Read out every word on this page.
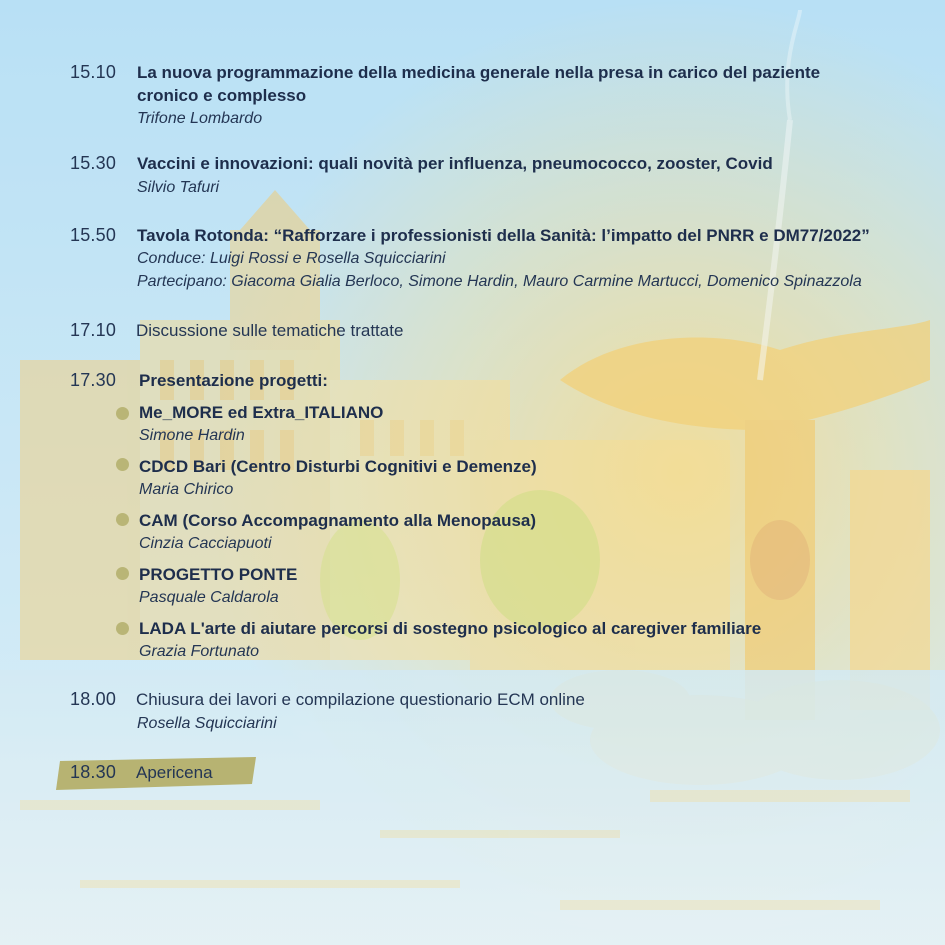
15.10 La nuova programmazione della medicina generale nella presa in carico del paziente
cronico e complesso
Trifone Lombardo
15.30 Vaccini e innovazioni: quali novità per influenza, pneumococco, zooster, Covid
Silvio Tafuri
15.50 Tavola Rotonda: “Rafforzare i professionisti della Sanità: l’impatto del PNRR e DM77/2022”
Conduce: Luigi Rossi e Rosella Squicciarini
Partecipano: Giacoma Gialia Berloco, Simone Hardin, Mauro Carmine Martucci, Domenico Spinazzola
17.10 Discussione sulle tematiche trattate
17.30 Presentazione progetti:
Me_MORE ed Extra_ITALIANO
Simone Hardin
CDCD Bari (Centro Disturbi Cognitivi e Demenze)
Maria Chirico
CAM (Corso Accompagnamento alla Menopausa)
Cinzia Cacciapuoti
PROGETTO PONTE
Pasquale Caldarola
LADA L'arte di aiutare percorsi di sostegno psicologico al caregiver familiare
Grazia Fortunato
18.00 Chiusura dei lavori e compilazione questionario ECM online
Rosella Squicciarini
18.30 Apericena
